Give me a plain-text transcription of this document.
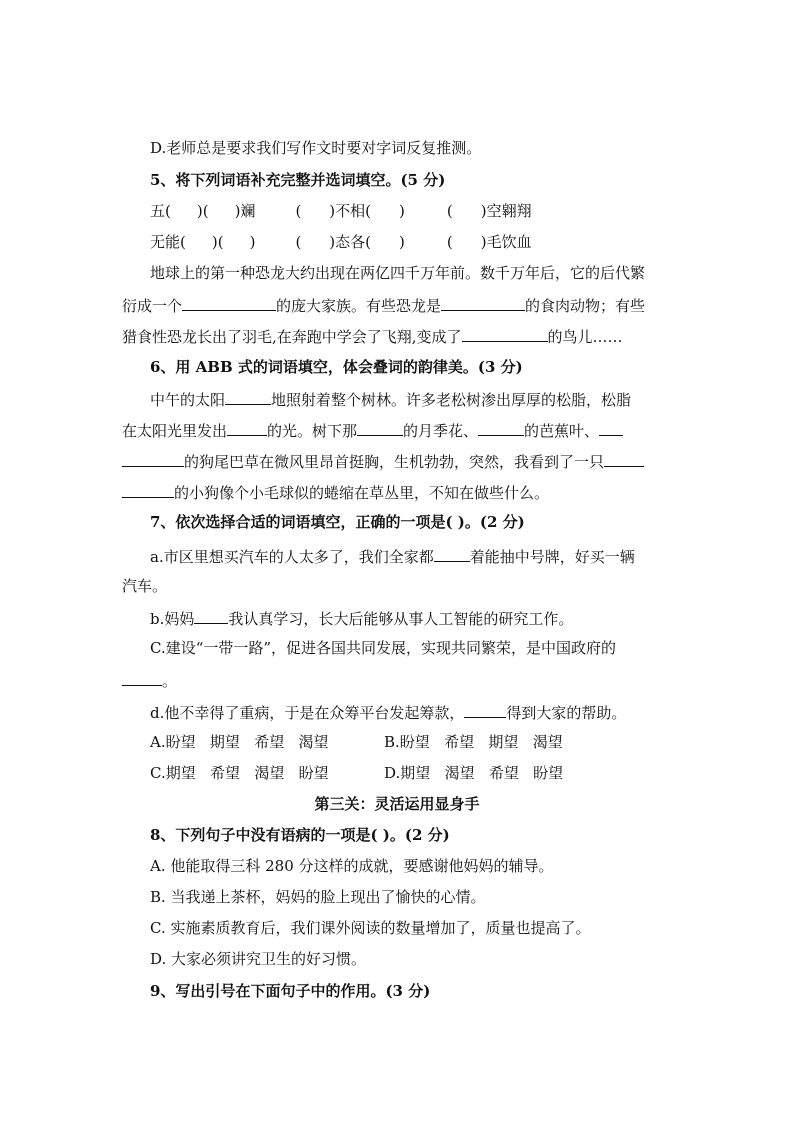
D.老师总是要求我们写作文时要对字词反复推测。
5、将下列词语补充完整并选词填空。(5 分)
五( )( )斓	( )不相( )	( )空翱翔
无能( )( )	( )态各( )	( )毛饮血
地球上的第一种恐龙大约出现在两亿四千万年前。数千万年后，它的后代繁
衍成一个	的庞大家族。有些恐龙是	的食肉动物；有些
猎食性恐龙长出了羽毛,在奔跑中学会了飞翔,变成了	的鸟儿……
6、用 ABB 式的词语填空，体会叠词的韵律美。(3 分)
中午的太阳	地照射着整个树林。许多老松树渗出厚厚的松脂，松脂
在太阳光里发出	的光。树下那	的月季花、	的芭蕉叶、
的狗尾巴草在微风里昂首挺胸，生机勃勃，突然，我看到了一只
的小狗像个小毛球似的蜷缩在草丛里，不知在做些什么。
7、依次选择合适的词语填空，正确的一项是( )。(2 分)
a.市区里想买汽车的人太多了，我们全家都 着能抽中号牌，好买一辆
汽车。
b.妈妈 我认真学习，长大后能够从事人工智能的研究工作。
C.建设“一带一路”，促进各国共同发展，实现共同繁荣，是中国政府的
。
d.他不幸得了重病，于是在众筹平台发起筹款，	得到大家的帮助。
A.盼望   期望   希望   渴望	B.盼望   希望   期望   渴望
C.期望   希望   渴望   盼望	D.期望   渴望   希望   盼望
第三关：灵活运用显身手
8、下列句子中没有语病的一项是( )。(2 分)
A. 他能取得三科 280 分这样的成就，要感谢他妈妈的辅导。
B. 当我递上茶杯，妈妈的脸上现出了愉快的心情。
C. 实施素质教育后，我们课外阅读的数量增加了，质量也提高了。
D. 大家必须讲究卫生的好习惯。
9、写出引号在下面句子中的作用。(3 分)
